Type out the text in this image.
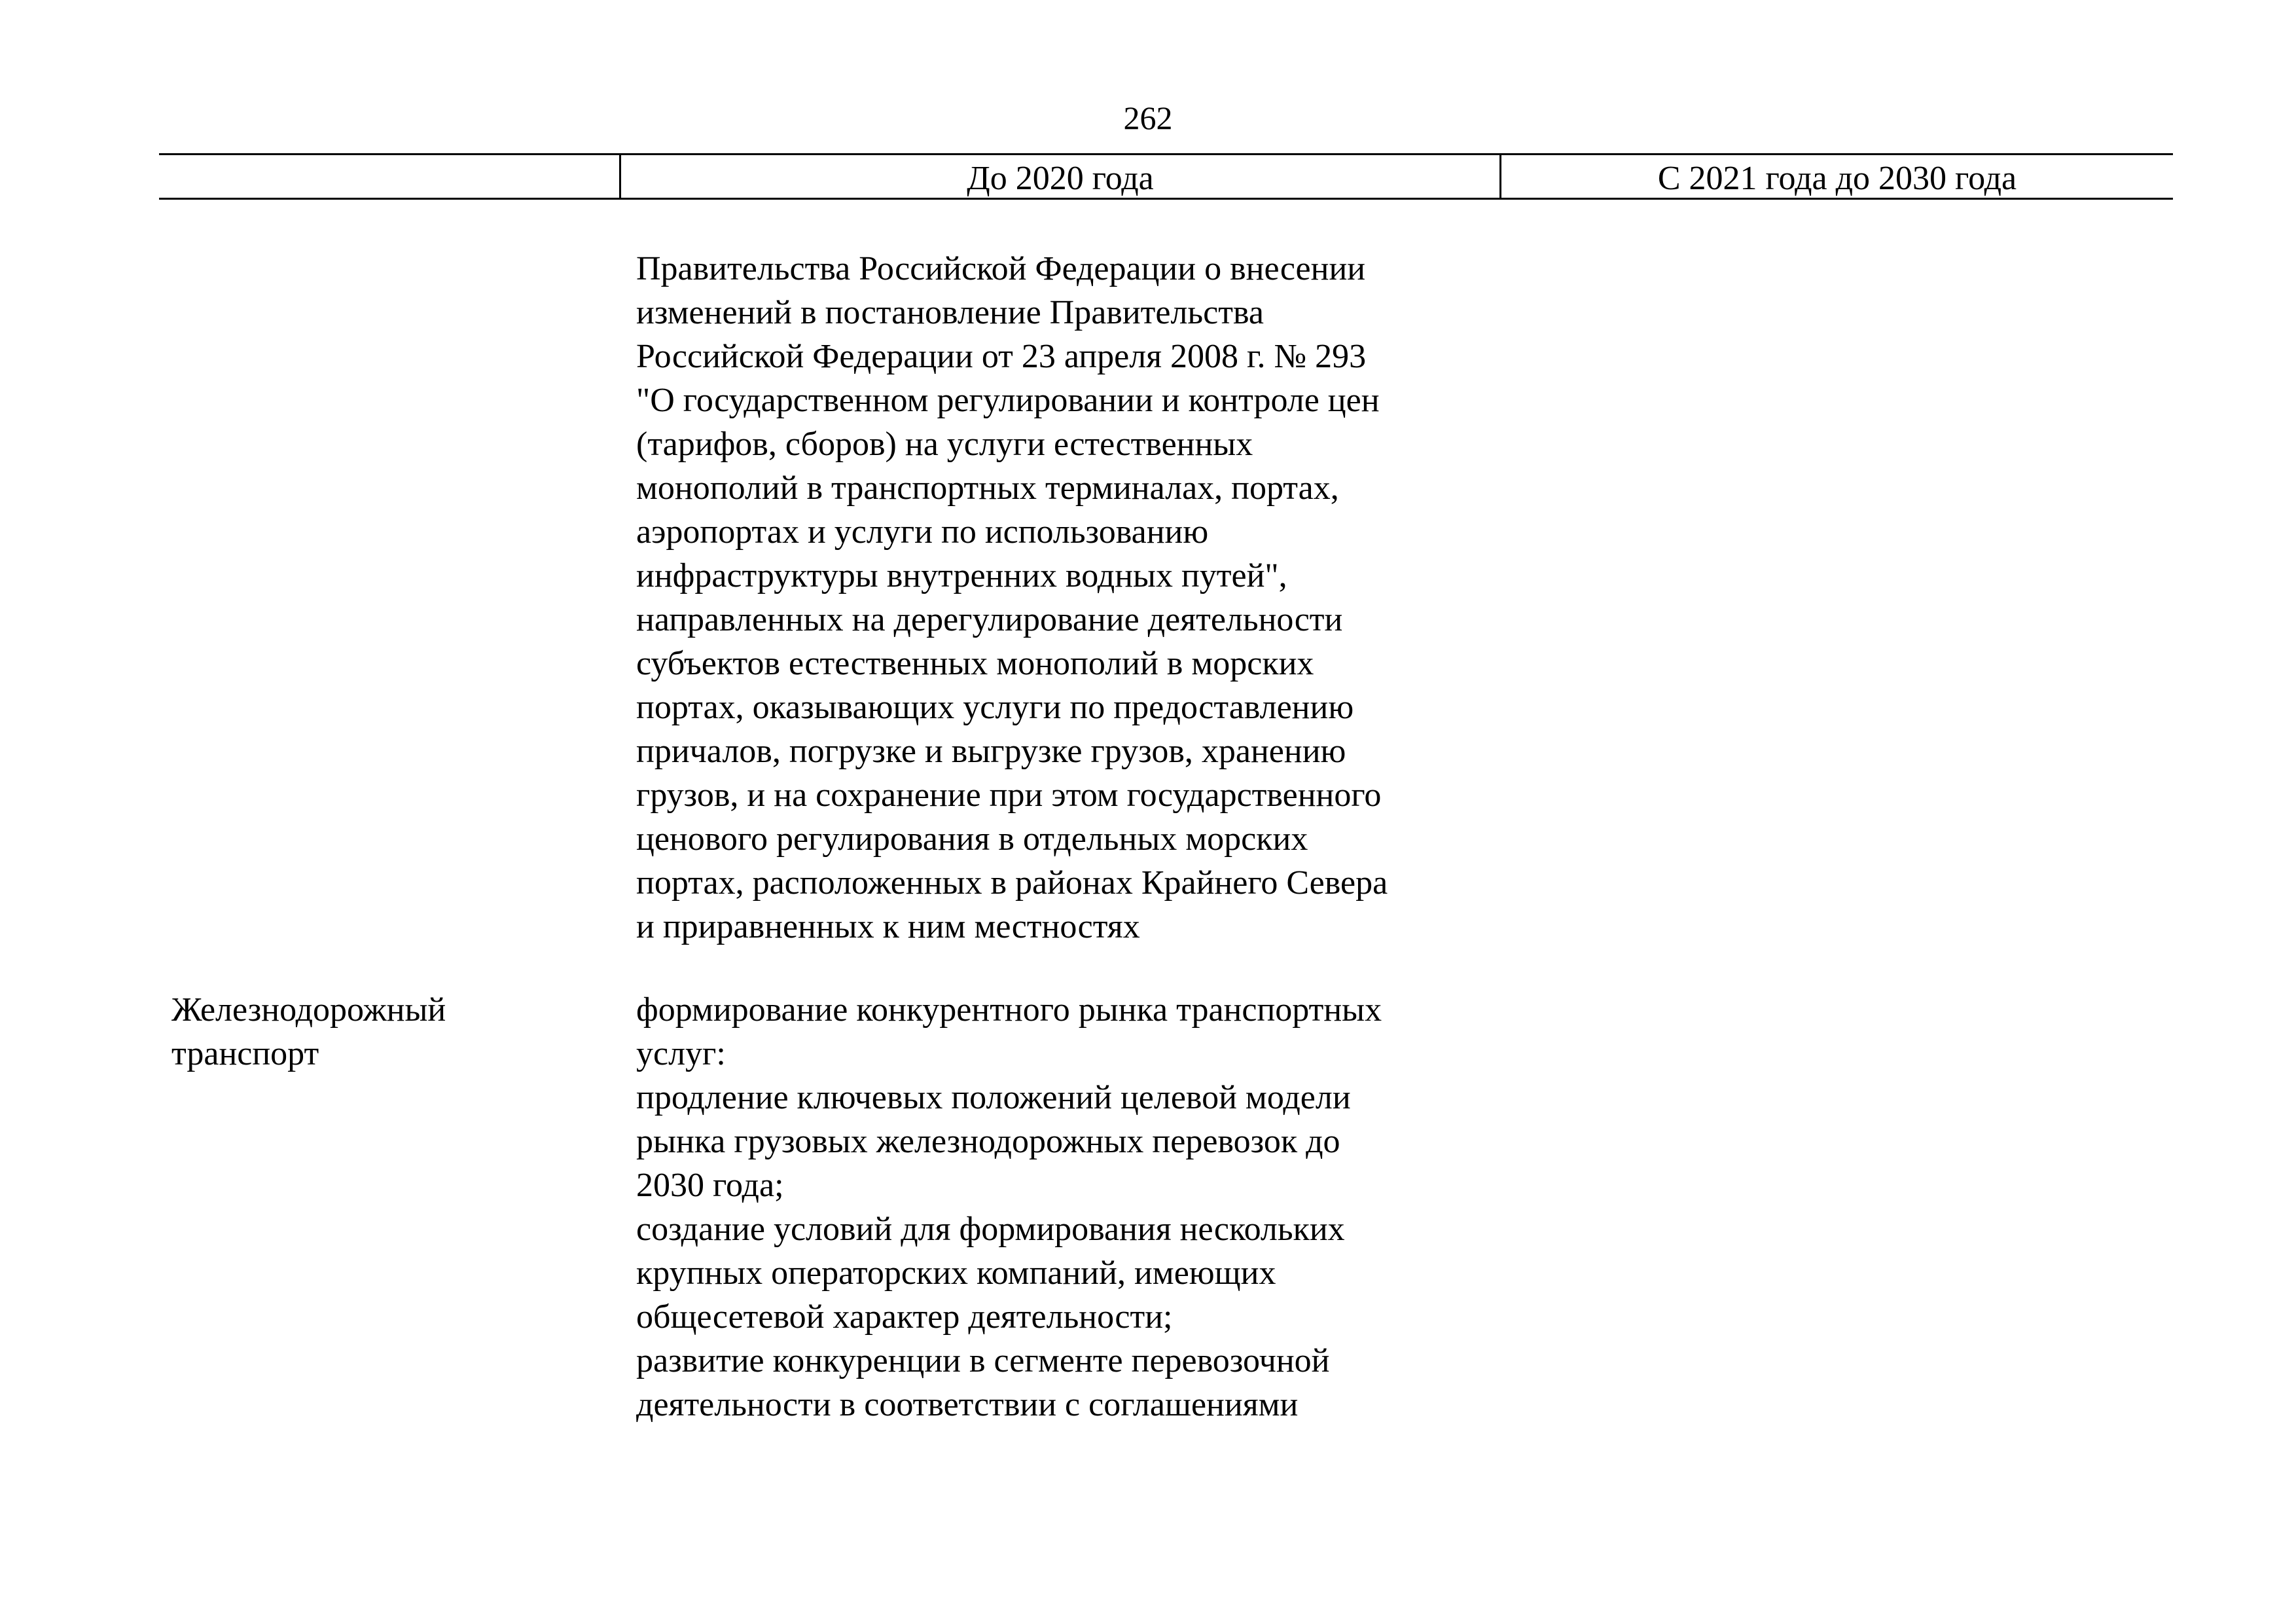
262
До 2020 года	С 2021 года до 2030 года
Правительства Российской Федерации о внесении
изменений в постановление Правительства
Российской Федерации от 23 апреля 2008 г. № 293
"О государственном регулировании и контроле цен
(тарифов, сборов) на услуги естественных
монополий в транспортных терминалах, портах,
аэропортах и услуги по использованию
инфраструктуры внутренних водных путей",
направленных на дерегулирование деятельности
субъектов естественных монополий в морских
портах, оказывающих услуги по предоставлению
причалов, погрузке и выгрузке грузов, хранению
грузов, и на сохранение при этом государственного
ценового регулирования в отдельных морских
портах, расположенных в районах Крайнего Севера
и приравненных к ним местностях
Железнодорожный
транспорт
формирование конкурентного рынка транспортных
услуг:
продление ключевых положений целевой модели
рынка грузовых железнодорожных перевозок до
2030 года;
создание условий для формирования нескольких
крупных операторских компаний, имеющих
общесетевой характер деятельности;
развитие конкуренции в сегменте перевозочной
деятельности в соответствии с соглашениями
